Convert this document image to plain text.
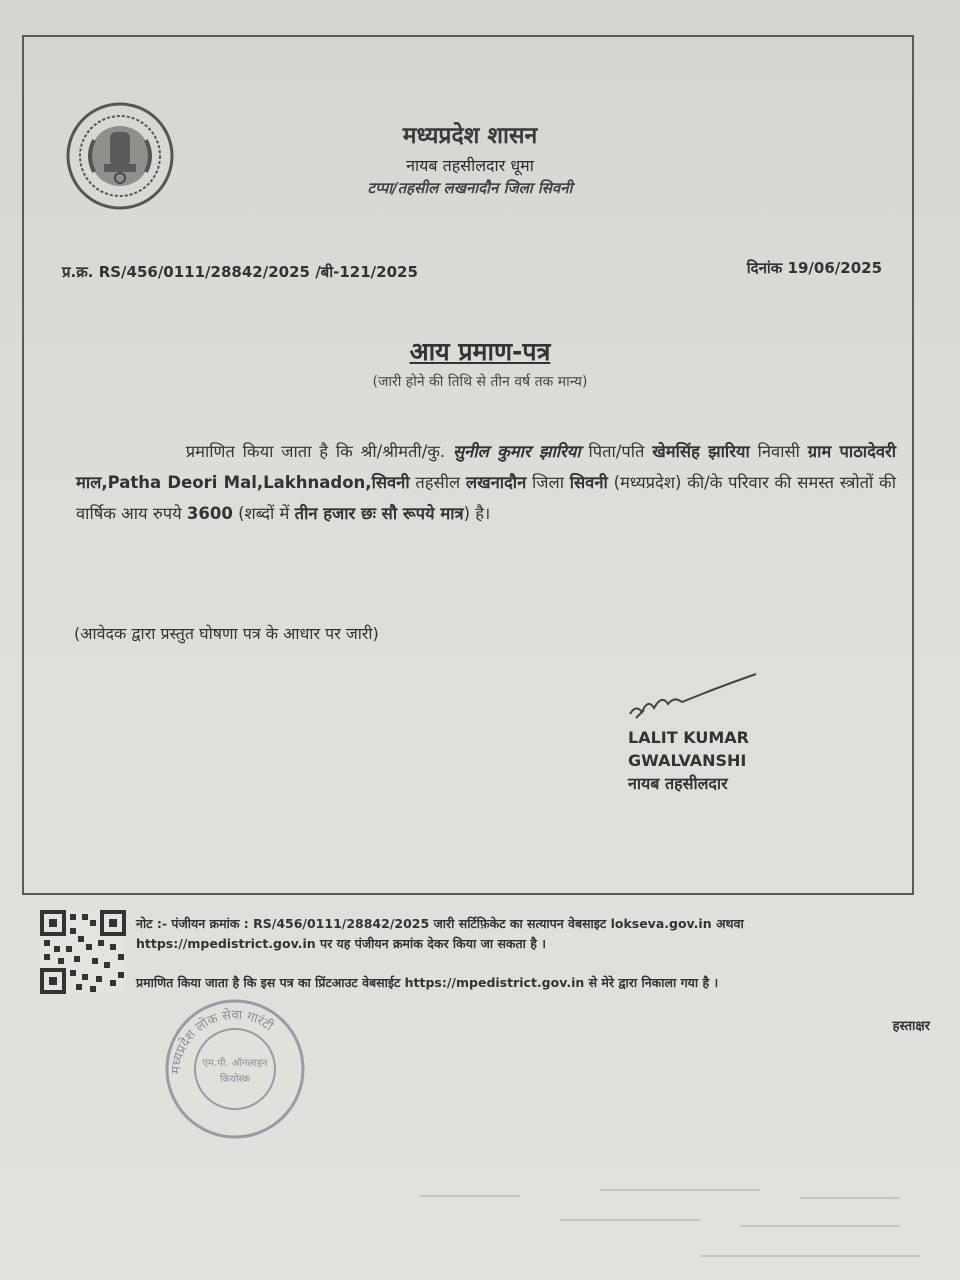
मध्यप्रदेश शासन
नायब तहसीलदार धूमा
टप्पा/तहसील लखनादौन जिला सिवनी
प्र.क्र. RS/456/0111/28842/2025 /बी-121/2025	दिनांक 19/06/2025
आय प्रमाण-पत्र
(जारी होने की तिथि से तीन वर्ष तक मान्य)
प्रमाणित किया जाता है कि श्री/श्रीमती/कु. सुनील कुमार झारिया पिता/पति खेमसिंह झारिया निवासी ग्राम पाठादेवरी माल,Patha Deori Mal,Lakhnadon,सिवनी तहसील लखनादौन जिला सिवनी (मध्यप्रदेश) की/के परिवार की समस्त स्त्रोतों की वार्षिक आय रुपये 3600 (शब्दों में तीन हजार छः सौ रूपये मात्र) है।
(आवेदक द्वारा प्रस्तुत घोषणा पत्र के आधार पर जारी)
LALIT KUMAR
GWALVANSHI
नायब तहसीलदार
नोट :- पंजीयन क्रमांक : RS/456/0111/28842/2025 जारी सर्टिफ़िकेट का सत्यापन वेबसाइट lokseva.gov.in अथवा
https://mpedistrict.gov.in पर यह पंजीयन क्रमांक देकर किया जा सकता है ।
प्रमाणित किया जाता है कि इस पत्र का प्रिंटआउट वेबसाईट https://mpedistrict.gov.in से मेरे द्वारा निकाला गया है ।
हस्ताक्षर
मध्यप्रदेश लोक सेवा गारंटी
एम.पी. ऑनलाइन
कियोस्क
